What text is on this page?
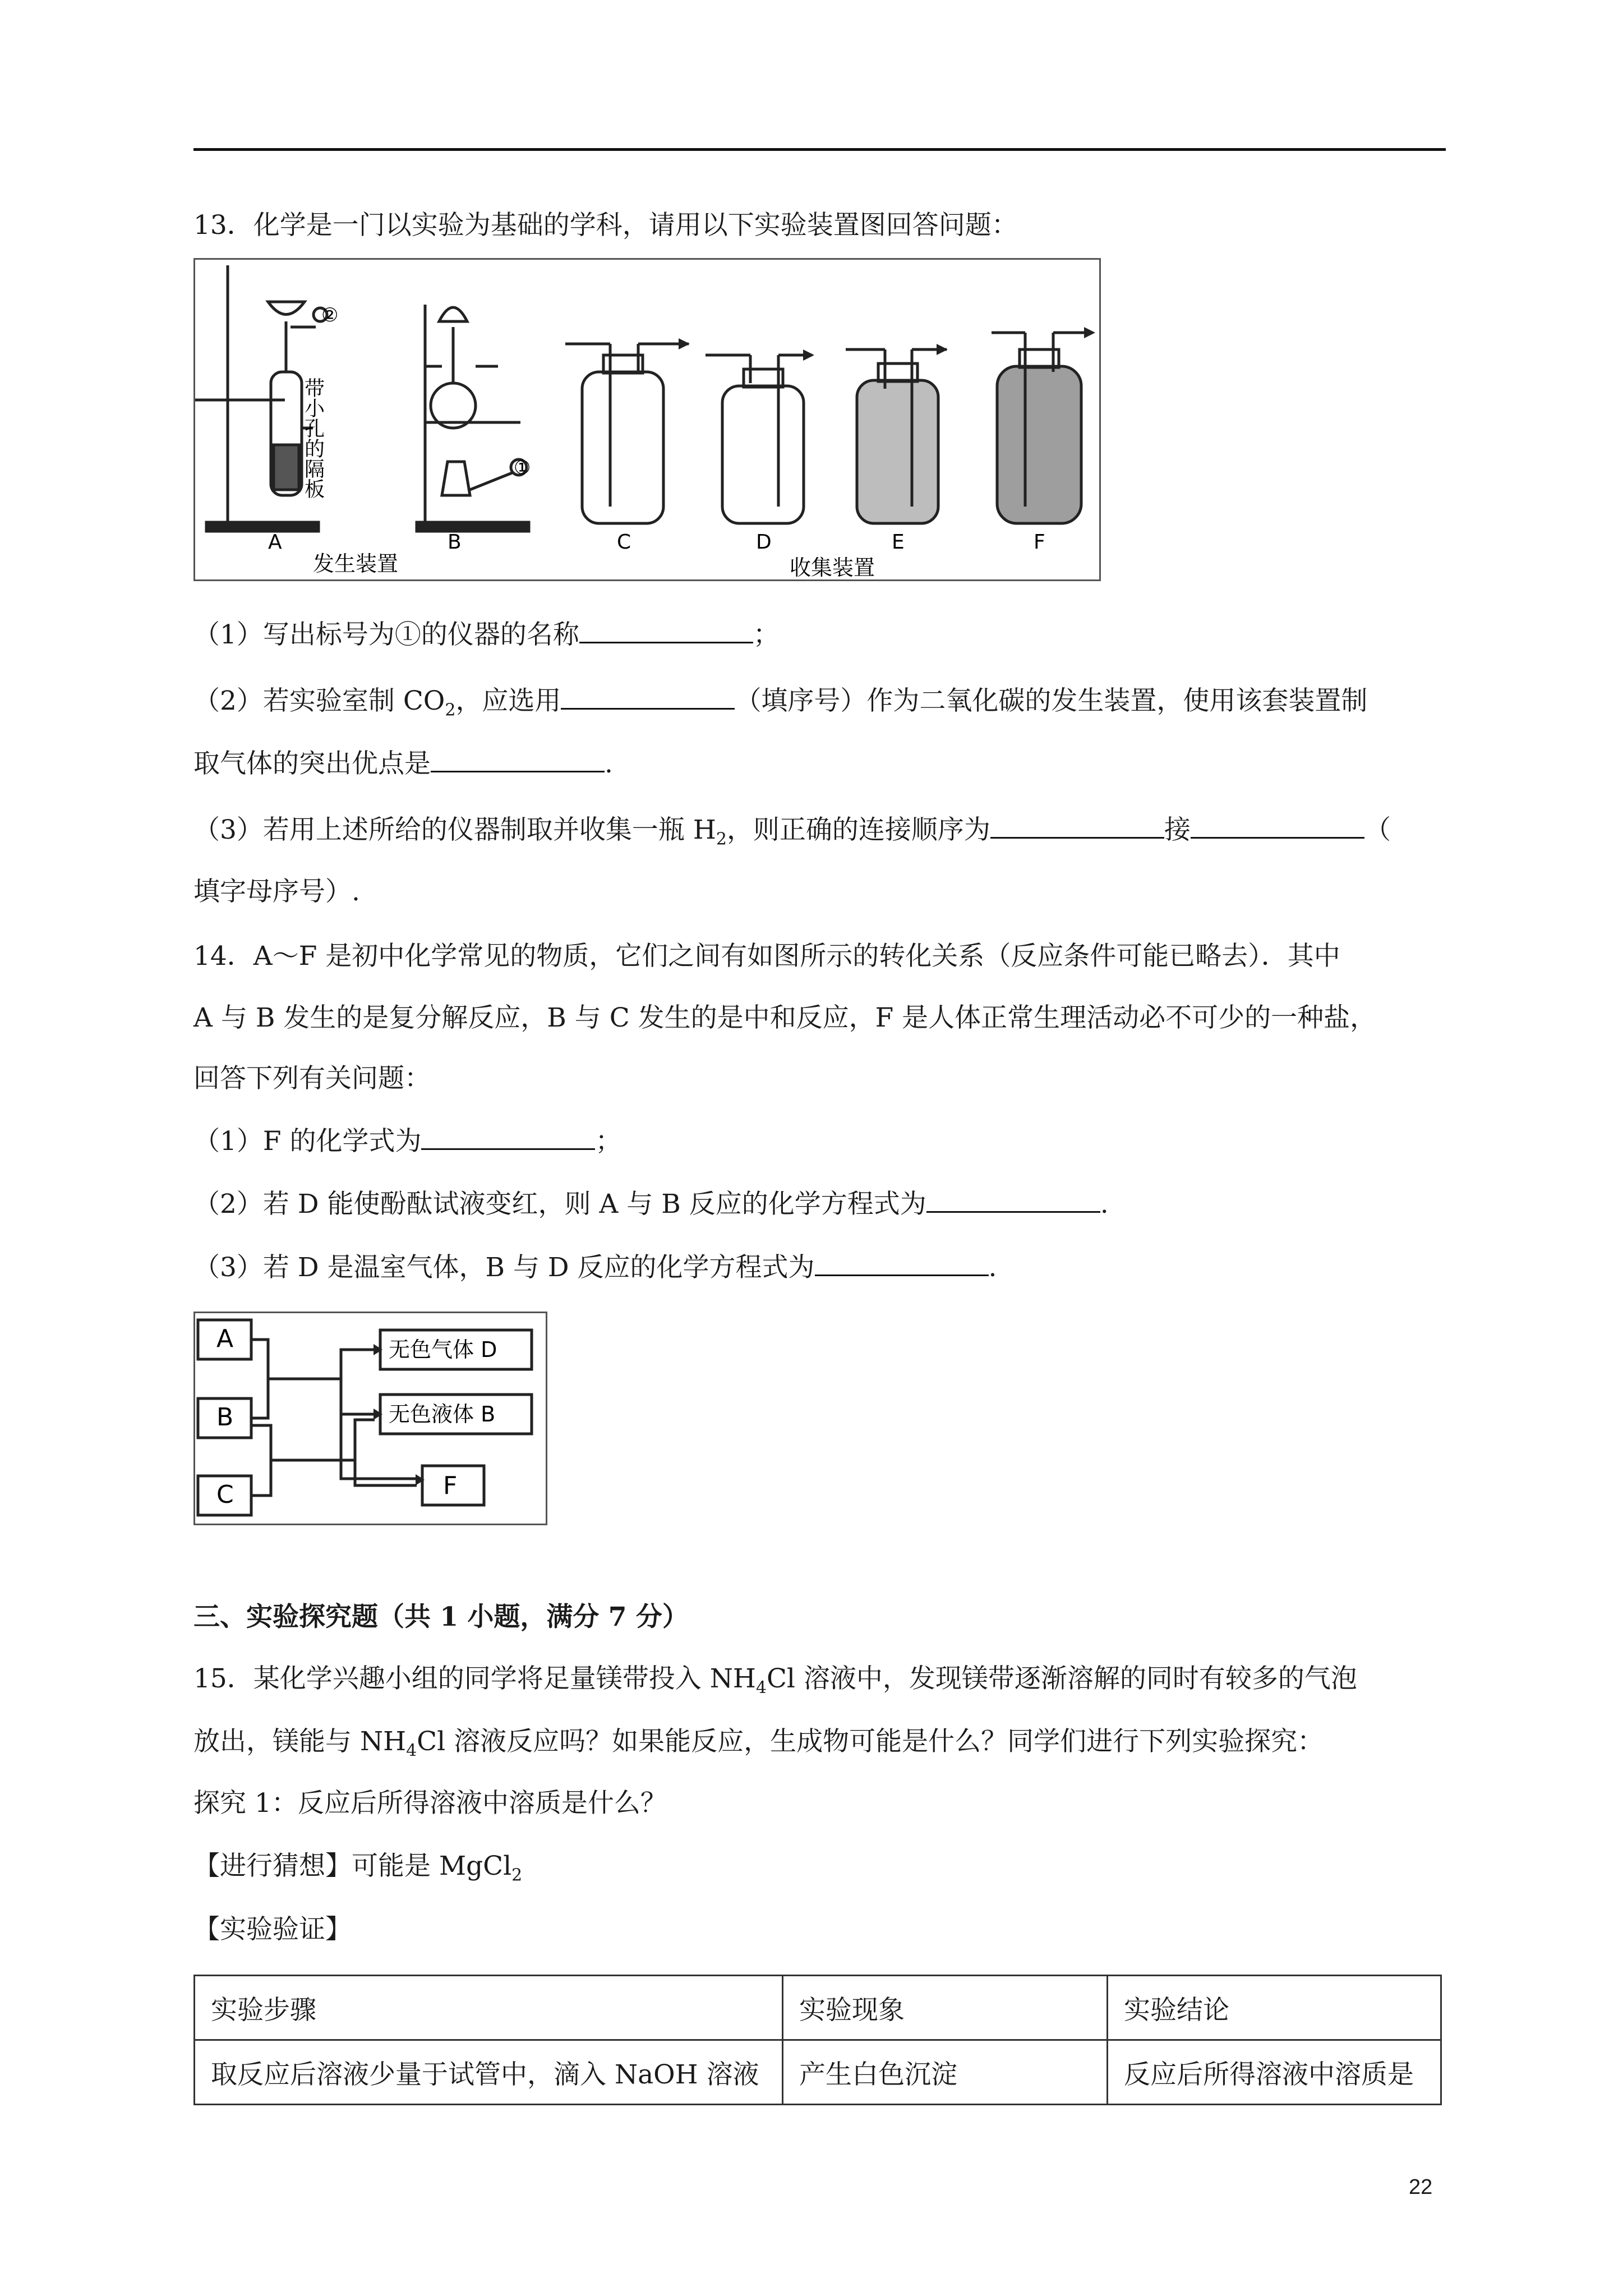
13．化学是一门以实验为基础的学科，请用以下实验装置图回答问题：
②
①
带小孔的隔板
A	B	C	D	E	F
发生装置	收集装置
（1）写出标号为①的仪器的名称	；
（2）若实验室制 $CO_2$，应选用	（填序号）作为二氧化碳的发生装置，使用该套装置制
取气体的突出优点是	.
（3）若用上述所给的仪器制取并收集一瓶 $H_2$，则正确的连接顺序为	接	（
填字母序号）.
14．A～F 是初中化学常见的物质，它们之间有如图所示的转化关系（反应条件可能已略去）．其中
A 与 B 发生的是复分解反应，B 与 C 发生的是中和反应，F 是人体正常生理活动必不可少的一种盐，
回答下列有关问题：
（1）F 的化学式为	；
（2）若 D 能使酚酞试液变红，则 A 与 B 反应的化学方程式为	.
（3）若 D 是温室气体，B 与 D 反应的化学方程式为	.
A
B
C
无色气体 D
无色液体 B
F
三、实验探究题（共 1 小题，满分 7 分）
15．某化学兴趣小组的同学将足量镁带投入 $NH_4Cl$ 溶液中，发现镁带逐渐溶解的同时有较多的气泡
放出，镁能与 $NH_4Cl$ 溶液反应吗？如果能反应，生成物可能是什么？同学们进行下列实验探究：
探究 1：反应后所得溶液中溶质是什么？
【进行猜想】可能是 MgCl$_2$
【实验验证】
实验步骤	实验现象	实验结论
取反应后溶液少量于试管中，滴入 NaOH 溶液	产生白色沉淀	反应后所得溶液中溶质是
22
